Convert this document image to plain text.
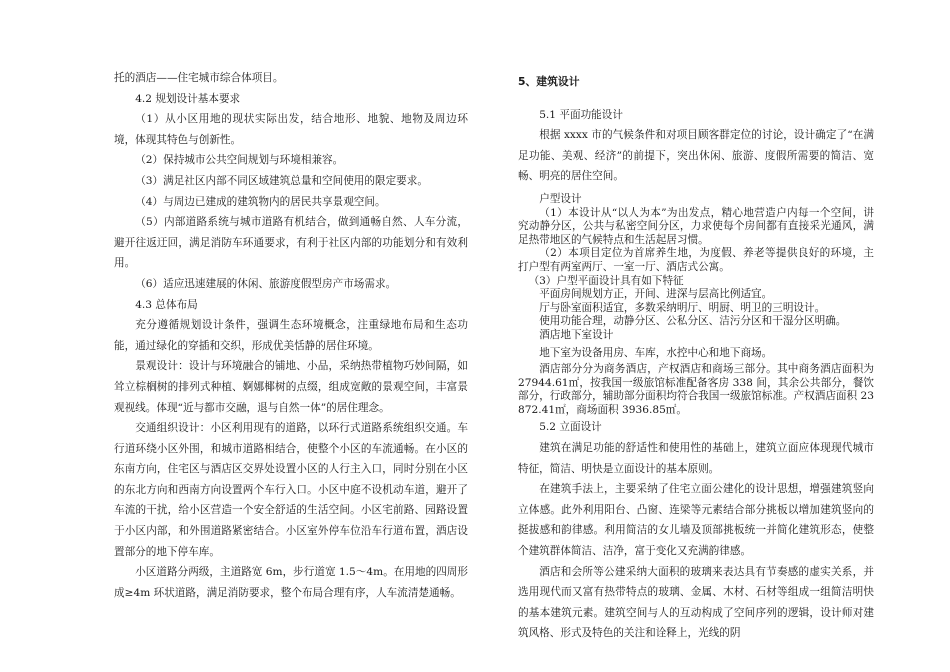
托的酒店——住宅城市综合体项目。

4.2 规划设计基本要求

（1）从小区用地的现状实际出发，结合地形、地貌、地物及周边环境，体现其特色与创新性。

（2）保持城市公共空间规划与环境相兼容。

（3）满足社区内部不同区域建筑总量和空间使用的限定要求。

（4）与周边已建成的建筑物内的居民共享景观空间。

（5）内部道路系统与城市道路有机结合，做到通畅自然、人车分流，避开往返迂回，满足消防车环通要求，有利于社区内部的功能划分和有效利用。

（6）适应迅速建展的休闲、旅游度假型房产市场需求。

4.3 总体布局

充分遵循规划设计条件，强调生态环境概念，注重绿地布局和生态功能，通过绿化的穿插和交织，形成优美恬静的居住环境。

景观设计：设计与环境融合的铺地、小品，采纳热带植物巧妙间隔，如耸立棕榈树的排列式种植、婀娜椰树的点缀，组成宽敞的景观空间，丰富景观视线。体现“近与都市交融，退与自然一体”的居住理念。

交通组织设计：小区利用现有的道路，以环行式道路系统组织交通。车行道环绕小区外围，和城市道路相结合，使整个小区的车流通畅。在小区的东南方向，住宅区与酒店区交界处设置小区的人行主入口，同时分别在小区的东北方向和西南方向设置两个车行入口。小区中庭不设机动车道，避开了车流的干扰，给小区营造一个安全舒适的生活空间。小区宅前路、园路设置于小区内部，和外围道路紧密结合。小区室外停车位沿车行道布置，酒店设置部分的地下停车库。

小区道路分两级，主道路宽 6m，步行道宽 1.5～4m。在用地的四周形成≥4m 环状道路，满足消防要求，整个布局合理有序，人车流清楚通畅。

5、建筑设计

5.1 平面功能设计

根据 xxxx 市的气候条件和对项目顾客群定位的讨论，设计确定了“在满足功能、美观、经济”的前提下，突出休闲、旅游、度假所需要的简洁、宽畅、明亮的居住空间。

户型设计

（1）本设计从“以人为本”为出发点，精心地营造户内每一个空间，讲究动静分区，公共与私密空间分区，力求使每个房间都有直接采光通风，满足热带地区的气候特点和生活起居习惯。

（2）本项目定位为首席养生地，为度假、养老等提供良好的环境，主打户型有两室两厅、一室一厅、酒店式公寓。

（3）户型平面设计具有如下特征

平面房间规划方正，开间、进深与层高比例适宜。

厅与卧室面积适宜，多数采纳明厅、明厨、明卫的三明设计。

使用功能合理，动静分区、公私分区、洁污分区和干湿分区明确。

酒店地下室设计

地下室为设备用房、车库，水控中心和地下商场。

酒店部分分为商务酒店，产权酒店和商场三部分。其中商务酒店面积为 27944.61㎡，按我国一级旅馆标准配备客房 338 间，其余公共部分，餐饮部分，行政部分，辅助部分面积均符合我国一级旅馆标准。产权酒店面积 23872.41㎡，商场面积 3936.85㎡。

5.2 立面设计

建筑在满足功能的舒适性和使用性的基础上，建筑立面应体现现代城市特征，简洁、明快是立面设计的基本原则。

在建筑手法上，主要采纳了住宅立面公建化的设计思想，增强建筑竖向立体感。此外利用阳台、凸窗、连梁等元素结合部分挑板以增加建筑竖向的挺拔感和韵律感。利用简洁的女儿墙及顶部挑板统一并简化建筑形态，使整个建筑群体简洁、洁净，富于变化又充满韵律感。

酒店和会所等公建采纳大面积的玻璃来表达具有节奏感的虚实关系，并选用现代而又富有热带特点的玻璃、金属、木材、石材等组成一组简洁明快的基本建筑元素。建筑空间与人的互动构成了空间序列的逻辑，设计师对建筑风格、形式及特色的关注和诠释上，光线的阴
